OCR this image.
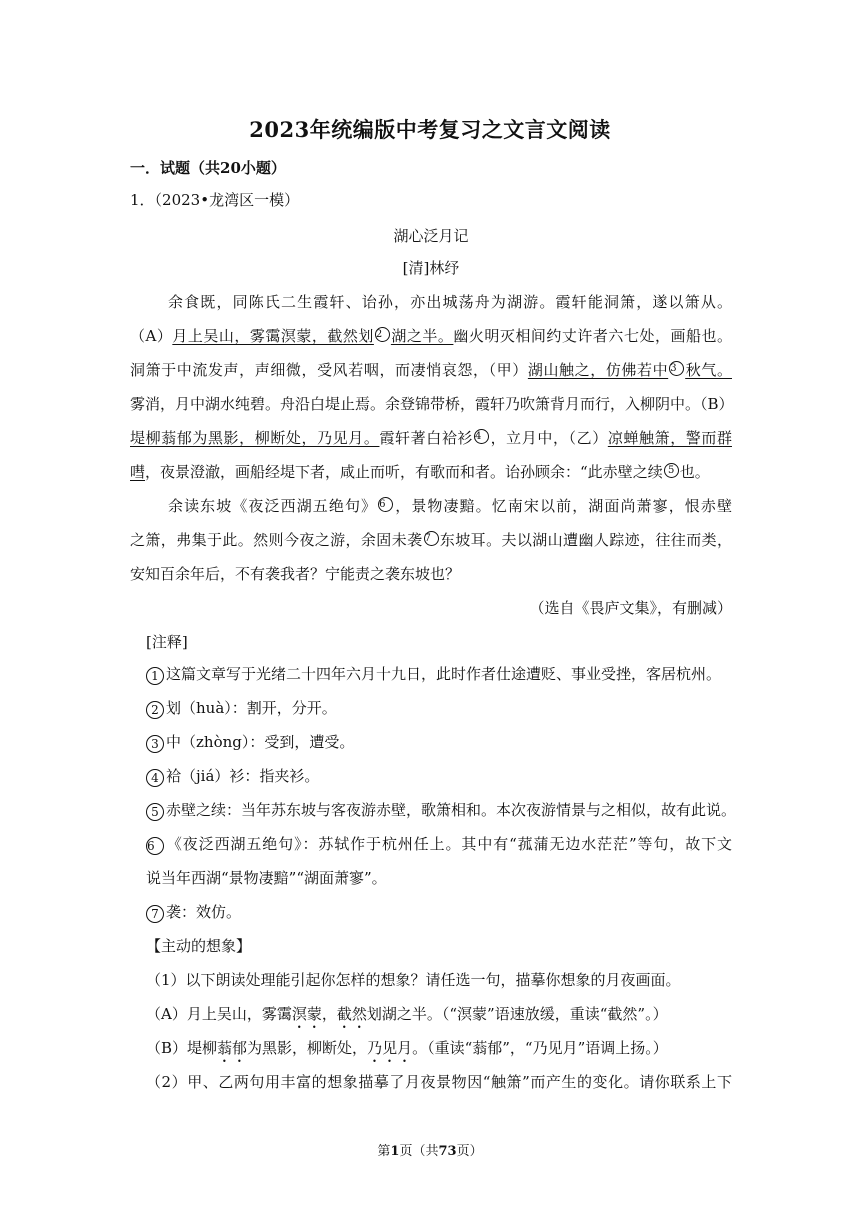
2023年统编版中考复习之文言文阅读
一．试题（共20小题）
1．（2023•龙湾区一模）
湖心泛月记
[清]林纾
余食既，同陈氏二生霞轩、诒孙，亦出城荡舟为湖游。霞轩能洞箫，遂以箫从。
（A）月上吴山，雾霭溟蒙，截然划 2 湖之半。幽火明灭相间约丈许者六七处，画船也。
洞箫于中流发声，声细微，受风若咽，而凄悄哀怨，（甲）湖山触之，仿佛若中 3 秋气。
雾消，月中湖水纯碧。舟沿白堤止焉。余登锦带桥，霞轩乃吹箫背月而行，入柳阴中。（B）
堤柳蓊郁为黑影，柳断处，乃见月。霞轩著白袷衫 4 ，立月中，（乙）凉蝉触箫，警而群
嘒，夜景澄澈，画船经堤下者，咸止而听，有歌而和者。诒孙顾余：“此赤壁之续 5 也。
余读东坡《夜泛西湖五绝句》 6 ，景物凄黯。忆南宋以前，湖面尚萧寥，恨赤壁
之箫，弗集于此。然则今夜之游，余固未袭 7 东坡耳。夫以湖山遭幽人踪迹，往往而类，
安知百余年后，不有袭我者？宁能责之袭东坡也？
（选自《畏庐文集》，有删减）
[注释]
1 这篇文章写于光绪二十四年六月十九日，此时作者仕途遭贬、事业受挫，客居杭州。
2 划（huà）：割开，分开。
3 中（zhòng）：受到，遭受。
4 袷（jiá）衫：指夹衫。
5 赤壁之续：当年苏东坡与客夜游赤壁，歌箫相和。本次夜游情景与之相似，故有此说。
6 《夜泛西湖五绝句》：苏轼作于杭州任上。其中有“菰蒲无边水茫茫”等句，故下文
说当年西湖“景物凄黯”“湖面萧寥”。
7 袭：效仿。
【主动的想象】
（1）以下朗读处理能引起你怎样的想象？请任选一句，描摹你想象的月夜画面。
（A）月上吴山，雾霭溟蒙，截然划湖之半。（“溟蒙”语速放缓，重读“截然”。）
（B）堤柳蓊郁为黑影，柳断处，乃见月。（重读“蓊郁”，“乃见月”语调上扬。）
（2）甲、乙两句用丰富的想象描摹了月夜景物因“触箫”而产生的变化。请你联系上下
第1页（共73页）
